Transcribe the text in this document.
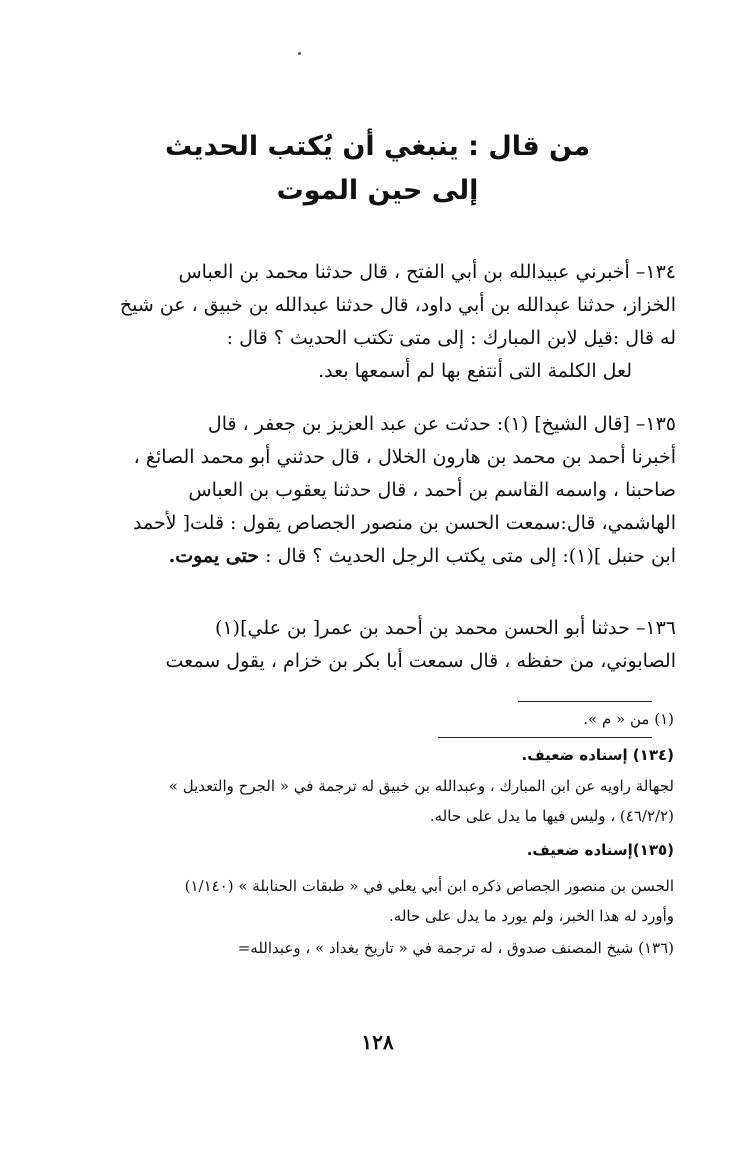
من قال : ينبغي أن يُكتب الحديث
إلى حين الموت
١٣٤– أخبرني عبيدالله بن أبي الفتح ، قال حدثنا محمد بن العباس
الخزاز، حدثنا عبدالله بن أبي داود، قال حدثنا عبدالله بن خبيق ، عن شيخ
له قال :قيل لابن المبارك : إلى متى تكتب الحديث ؟ قال :
لعل الكلمة التى أنتفع بها لم أسمعها بعد.
١٣٥– [قال الشيخ] (١): حدثت عن عبد العزيز بن جعفر ، قال
أخبرنا أحمد بن محمد بن هارون الخلال ، قال حدثني أبو محمد الصائغ ،
صاحبنا ، واسمه القاسم بن أحمد ، قال حدثنا يعقوب بن العباس
الهاشمي، قال:سمعت الحسن بن منصور الجصاص يقول : قلت[ لأحمد
ابن حنبل ](١): إلى متى يكتب الرجل الحديث ؟ قال : حتى يموت.
١٣٦– حدثنا أبو الحسن محمد بن أحمد بن عمر[ بن علي](١)
الصابوني، من حفظه ، قال سمعت أبا بكر بن خزام ، يقول سمعت
(١) من « م ».
(١٣٤) إسناده ضعيف.
لجهالة راويه عن ابن المبارك ، وعبدالله بن خبيق له ترجمة في « الجرح والتعديل »
(٤٦/٢/٢) ، وليس فيها ما يدل على حاله.
(١٣٥)إسناده ضعيف.
الحسن بن منصور الجصاص ذكره ابن أبي يعلي في « طبقات الحنابلة » (١/١٤٠)
وأورد له هذا الخبر، ولم يورد ما يدل على حاله.
(١٣٦) شيخ المصنف صدوق ، له ترجمة في « تاريخ بغداد » ، وعبدالله=
١٢٨
